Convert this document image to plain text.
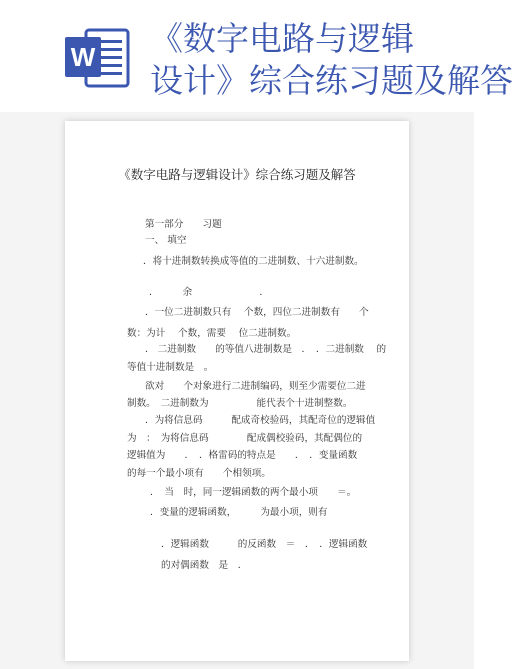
W 《数字电路与逻辑
设计》综合练习题及解答
《数字电路与逻辑设计》综合练习题及解答
第一部分　　习题
一、 填空
．将十进制数转换成等值的二进制数、十六进制数。
．　　　余　　　　　　　．
．一位二进制数只有　 个数，四位二进制数有　　个
数：为计　 个数，需要　 位二进制数。
． 二进制数　　的等值八进制数是　．　．二进制数　 的
等值十进制数是　。
欲对　　个对象进行二进制编码，则至少需要位二进
制数。　二进制数为　　　　　能代表个十进制整数。
．为将信息码　　　配成奇校验码，其配奇位的逻辑值
为　：　为将信息码　　　　配成偶校验码，其配偶位的
逻辑值为　　．　．格雷码的特点是　　．　．变量函数
的每一个最小项有　　个相领项。
．　当　时，同一逻辑函数的两个最小项　　＝。
．变量的逻辑函数，　　　为最小项，则有
．逻辑函数　　　的反函数　＝　．　．逻辑函数
的对偶函数　是　．
